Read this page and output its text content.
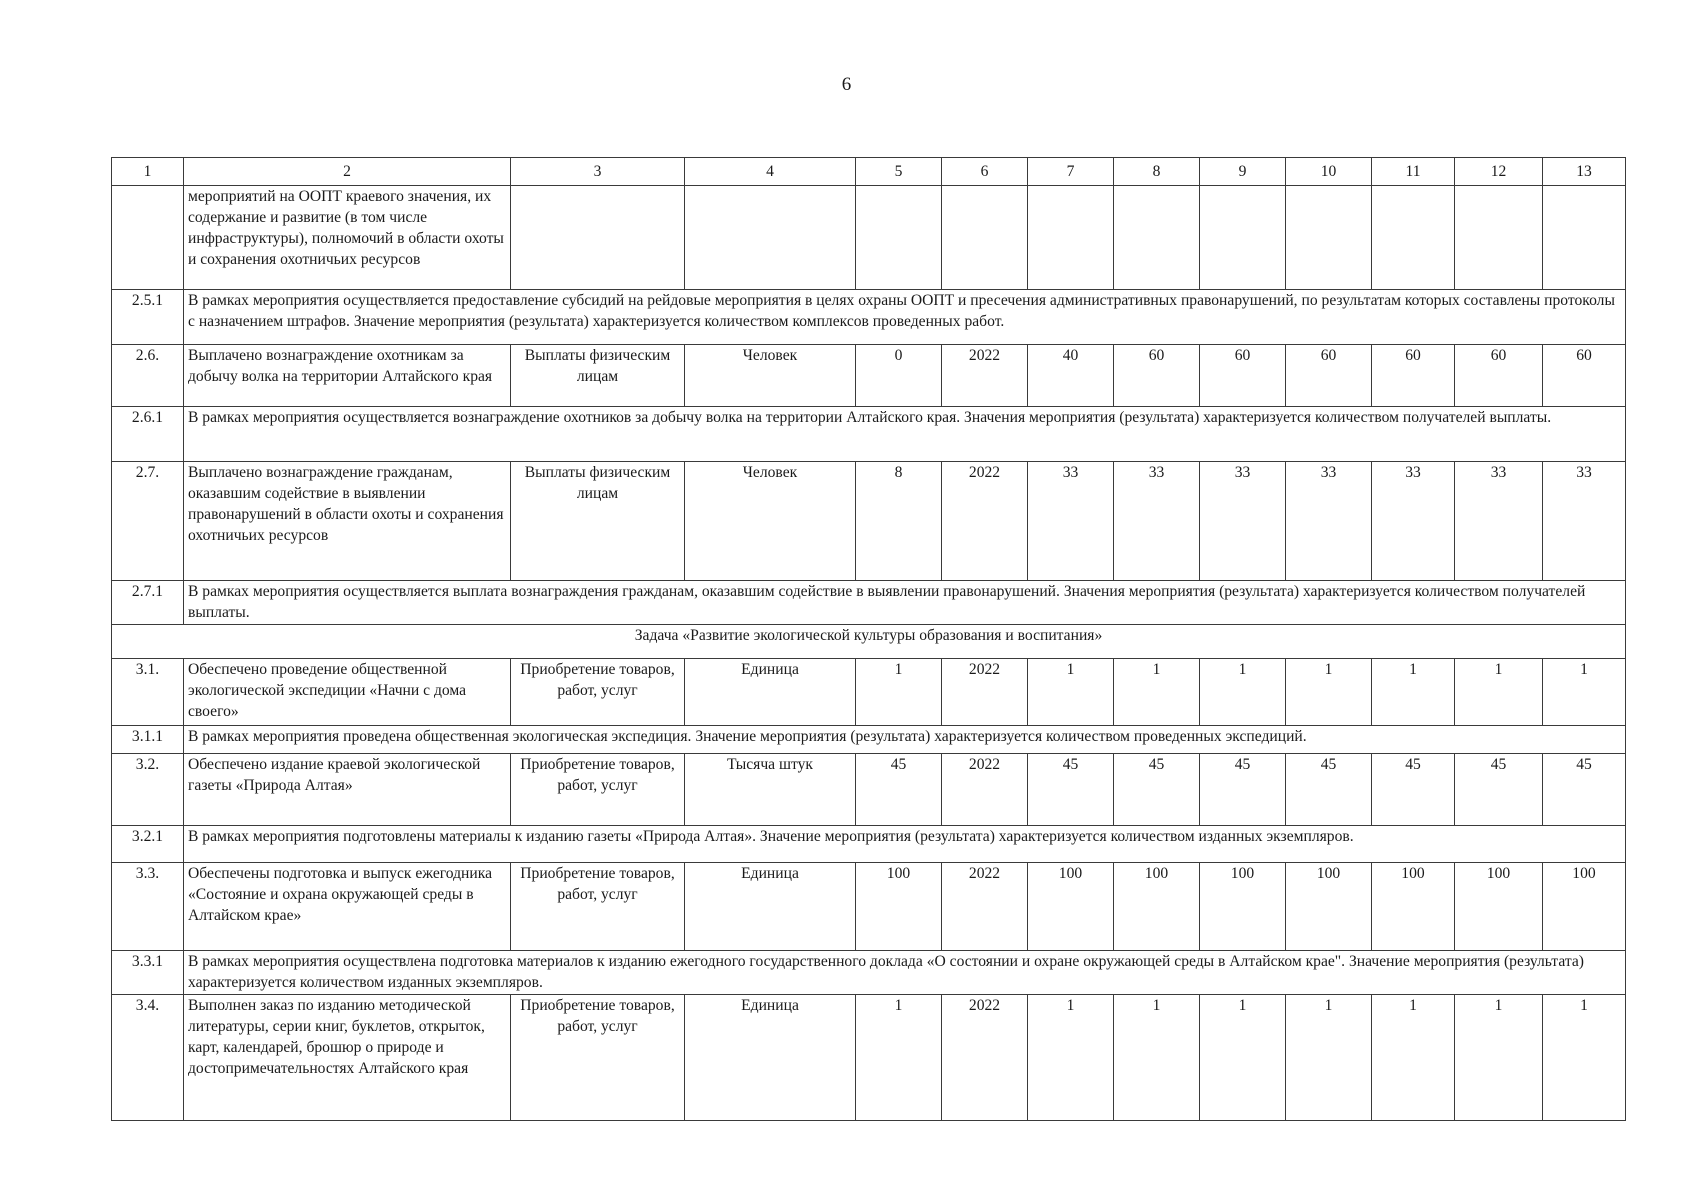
6
1	2	3	4	5	6	7	8	9	10	11	12	13
	мероприятий на ООПТ краевого значения, их содержание и развитие (в том числе инфраструктуры), полномочий в области охоты и сохранения охотничьих ресурсов											
2.5.1	В рамках мероприятия осуществляется предоставление субсидий на рейдовые мероприятия в целях охраны ООПТ и пресечения административных правонарушений, по результатам которых составлены протоколы с назначением штрафов. Значение мероприятия (результата) характеризуется количеством комплексов проведенных работ.											
2.6.	Выплачено вознаграждение охотникам за добычу волка на территории Алтайского края	Выплаты физическим лицам	Человек	0	2022	40	60	60	60	60	60	60
2.6.1	В рамках мероприятия осуществляется вознаграждение охотников за добычу волка на территории Алтайского края. Значения мероприятия (результата) характеризуется количеством получателей выплаты.											
2.7.	Выплачено вознаграждение гражданам, оказавшим содействие в выявлении правонарушений в области охоты и сохранения охотничьих ресурсов	Выплаты физическим лицам	Человек	8	2022	33	33	33	33	33	33	33
2.7.1	В рамках мероприятия осуществляется выплата вознаграждения гражданам, оказавшим содействие в выявлении правонарушений. Значения мероприятия (результата) характеризуется количеством получателей выплаты.											
Задача «Развитие экологической культуры образования и воспитания»												
3.1.	Обеспечено проведение общественной экологической экспедиции «Начни с дома своего»	Приобретение товаров, работ, услуг	Единица	1	2022	1	1	1	1	1	1	1
3.1.1	В рамках мероприятия проведена общественная экологическая экспедиция. Значение мероприятия (результата) характеризуется количеством проведенных экспедиций.											
3.2.	Обеспечено издание краевой экологической газеты «Природа Алтая»	Приобретение товаров, работ, услуг	Тысяча штук	45	2022	45	45	45	45	45	45	45
3.2.1	В рамках мероприятия подготовлены материалы к изданию газеты «Природа Алтая». Значение мероприятия (результата) характеризуется количеством изданных экземпляров.											
3.3.	Обеспечены подготовка и выпуск ежегодника «Состояние и охрана окружающей среды в Алтайском крае»	Приобретение товаров, работ, услуг	Единица	100	2022	100	100	100	100	100	100	100
3.3.1	В рамках мероприятия осуществлена подготовка материалов к изданию ежегодного государственного доклада «О состоянии и охране окружающей среды в Алтайском крае". Значение мероприятия (результата) характеризуется количеством изданных экземпляров.											
3.4.	Выполнен заказ по изданию методической литературы, серии книг, буклетов, открыток, карт, календарей, брошюр о природе и достопримечательностях Алтайского края	Приобретение товаров, работ, услуг	Единица	1	2022	1	1	1	1	1	1	1
